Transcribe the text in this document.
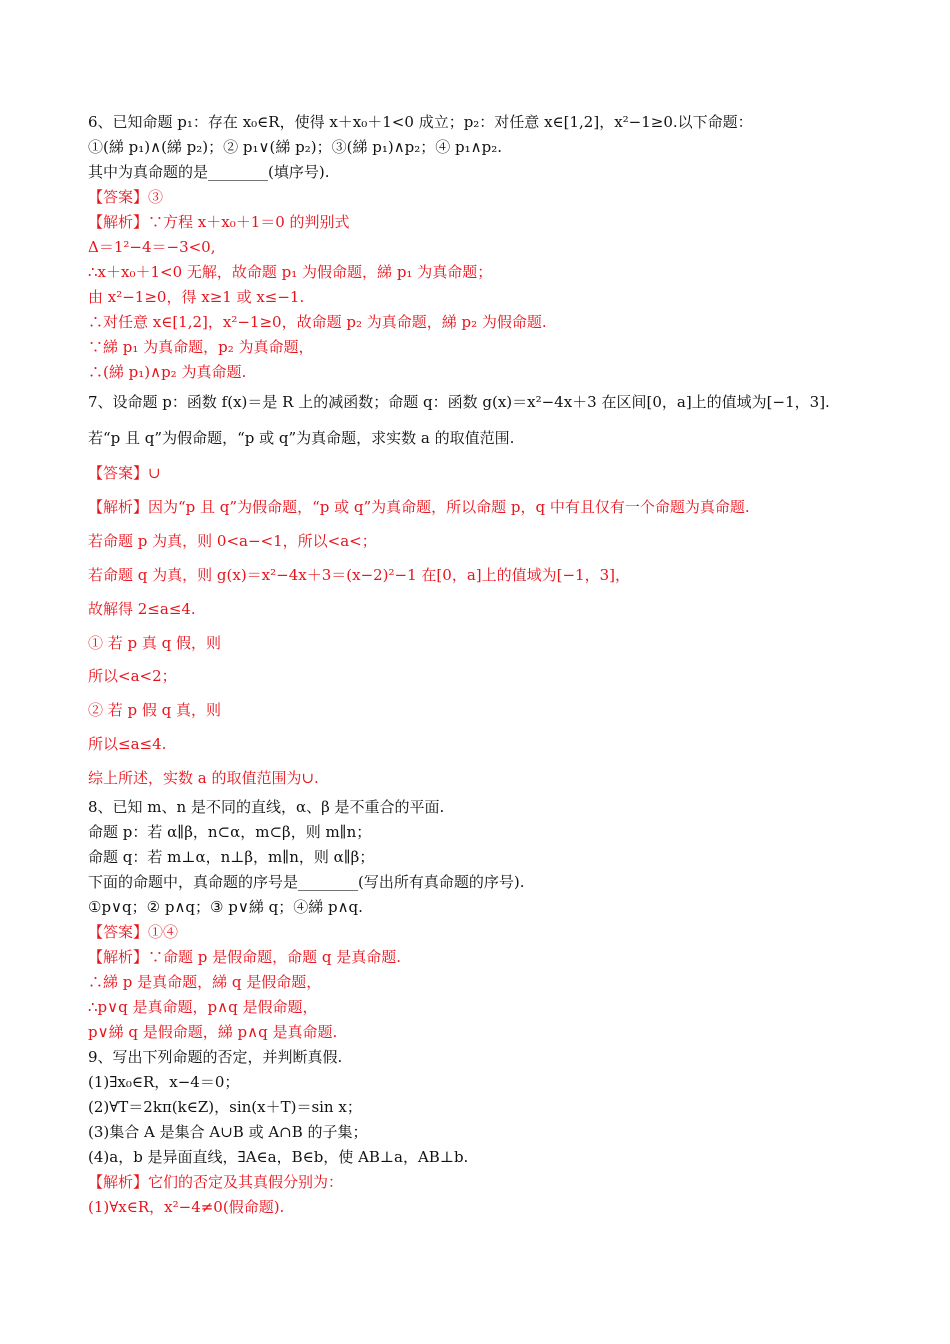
6、已知命题 p₁：存在 x₀∈R，使得 x＋x₀＋1<0 成立；p₂：对任意 x∈[1,2]，x²−1≥0.以下命题：
①(綈 p₁)∧(綈 p₂)；② p₁∨(綈 p₂)；③(綈 p₁)∧p₂；④ p₁∧p₂.
其中为真命题的是________(填序号).
【答案】③
【解析】∵方程 x＋x₀＋1＝0 的判别式
Δ＝1²−4＝−3<0,
∴x＋x₀＋1<0 无解，故命题 p₁ 为假命题，綈 p₁ 为真命题；
由 x²−1≥0，得 x≥1 或 x≤−1.
∴对任意 x∈[1,2]，x²−1≥0，故命题 p₂ 为真命题，綈 p₂ 为假命题.
∵綈 p₁ 为真命题，p₂ 为真命题，
∴(綈 p₁)∧p₂ 为真命题.
7、设命题 p：函数 f(x)＝是 R 上的减函数；命题 q：函数 g(x)＝x²−4x＋3 在区间[0，a]上的值域为[−1，3].
若“p 且 q”为假命题，“p 或 q”为真命题，求实数 a 的取值范围.
【答案】∪
【解析】因为“p 且 q”为假命题，“p 或 q”为真命题，所以命题 p，q 中有且仅有一个命题为真命题.
若命题 p 为真，则 0<a−<1，所以<a<；
若命题 q 为真，则 g(x)＝x²−4x＋3＝(x−2)²−1 在[0，a]上的值域为[−1，3]，
故解得 2≤a≤4.
① 若 p 真 q 假，则
所以<a<2；
② 若 p 假 q 真，则
所以≤a≤4.
综上所述，实数 a 的取值范围为∪.
8、已知 m、n 是不同的直线，α、β 是不重合的平面.
命题 p：若 α∥β，n⊂α，m⊂β，则 m∥n；
命题 q：若 m⊥α，n⊥β，m∥n，则 α∥β；
下面的命题中，真命题的序号是________(写出所有真命题的序号).
①p∨q；② p∧q；③ p∨綈 q；④綈 p∧q.
【答案】①④
【解析】∵命题 p 是假命题，命题 q 是真命题.
∴綈 p 是真命题，綈 q 是假命题，
∴p∨q 是真命题，p∧q 是假命题，
p∨綈 q 是假命题，綈 p∧q 是真命题.
9、写出下列命题的否定，并判断真假.
(1)∃x₀∈R，x−4＝0；
(2)∀T＝2kπ(k∈Z)，sin(x＋T)＝sin x；
(3)集合 A 是集合 A∪B 或 A∩B 的子集；
(4)a，b 是异面直线，∃A∈a，B∈b，使 AB⊥a，AB⊥b.
【解析】它们的否定及其真假分别为：
(1)∀x∈R，x²−4≠0(假命题).
